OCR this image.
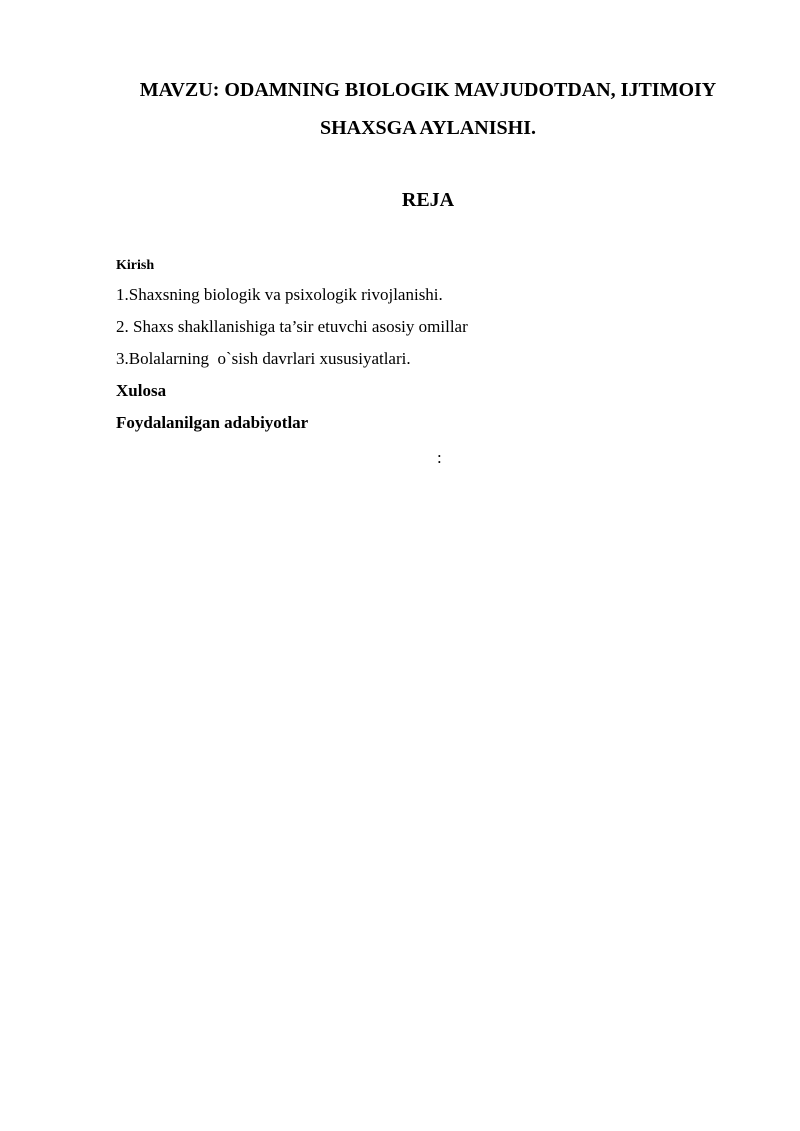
MAVZU: ODAMNING BIOLOGIK MAVJUDOTDAN, IJTIMOIY
SHAXSGA AYLANISHI.
REJA

Kirish

1.Shaxsning biologik va psixologik rivojlanishi.

2. Shaxs shakllanishiga ta’sir etuvchi asosiy omillar

3.Bolalarning  o`sish davrlari xususiyatlari.

Xulosa

Foydalanilgan adabiyotlar

:
